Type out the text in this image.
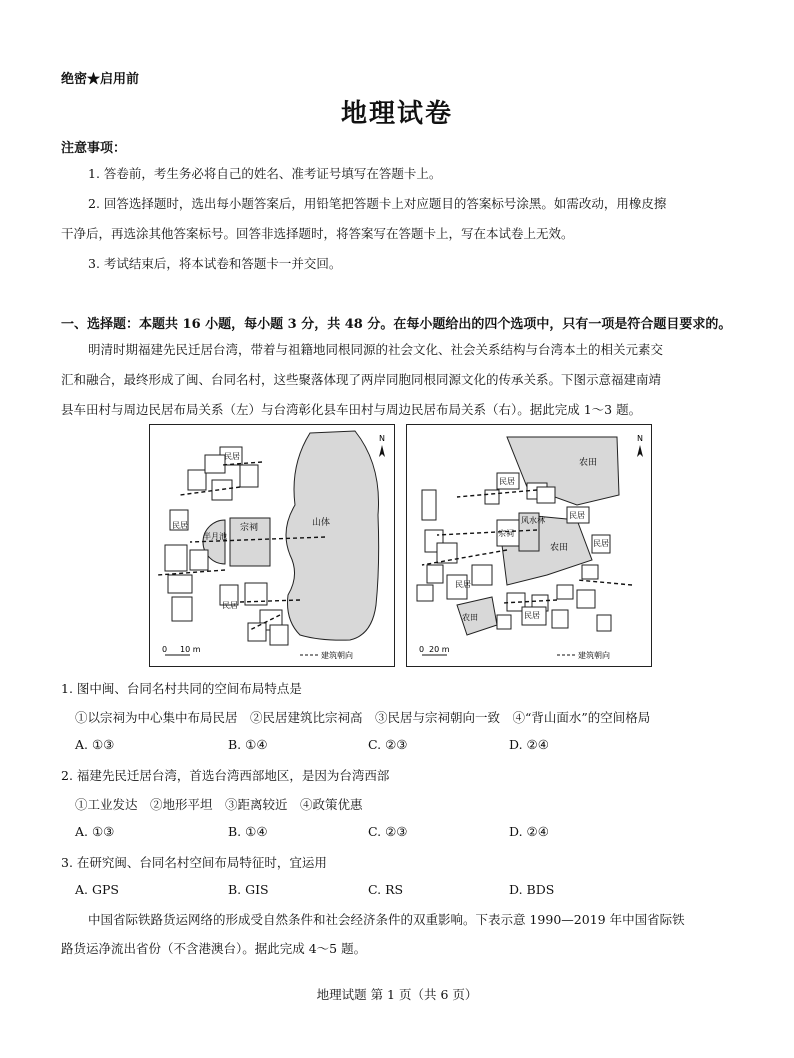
绝密★启用前
地理试卷
注意事项：
1. 答卷前，考生务必将自己的姓名、准考证号填写在答题卡上。
2. 回答选择题时，选出每小题答案后，用铅笔把答题卡上对应题目的答案标号涂黑。如需改动，用橡皮擦
干净后，再选涂其他答案标号。回答非选择题时，将答案写在答题卡上，写在本试卷上无效。
3. 考试结束后，将本试卷和答题卡一并交回。
一、选择题：本题共 16 小题，每小题 3 分，共 48 分。在每小题给出的四个选项中，只有一项是符合题目要求的。
明清时期福建先民迁居台湾，带着与祖籍地同根同源的社会文化、社会关系结构与台湾本土的相关元素交
汇和融合，最终形成了闽、台同名村，这些聚落体现了两岸同胞同根同源文化的传承关系。下图示意福建南靖
县车田村与周边民居布局关系（左）与台湾彰化县车田村与周边民居布局关系（右）。据此完成 1～3 题。
山体
N
宗祠
半月池
民居
民居
民居
0 10 m
建筑朝向
N
农田
农田
农田
风水林
宗祠
民居
民居
民居
民居
民居
0 20 m
建筑朝向
1. 图中闽、台同名村共同的空间布局特点是
①以宗祠为中心集中布局民居　②民居建筑比宗祠高　③民居与宗祠朝向一致　④“背山面水”的空间格局
A. ①③	B. ①④	C. ②③	D. ②④
2. 福建先民迁居台湾，首选台湾西部地区，是因为台湾西部
①工业发达　②地形平坦　③距离较近　④政策优惠
A. ①③	B. ①④	C. ②③	D. ②④
3. 在研究闽、台同名村空间布局特征时，宜运用
A. GPS	B. GIS	C. RS	D. BDS
中国省际铁路货运网络的形成受自然条件和社会经济条件的双重影响。下表示意 1990—2019 年中国省际铁
路货运净流出省份（不含港澳台）。据此完成 4～5 题。
地理试题 第 1 页（共 6 页）
